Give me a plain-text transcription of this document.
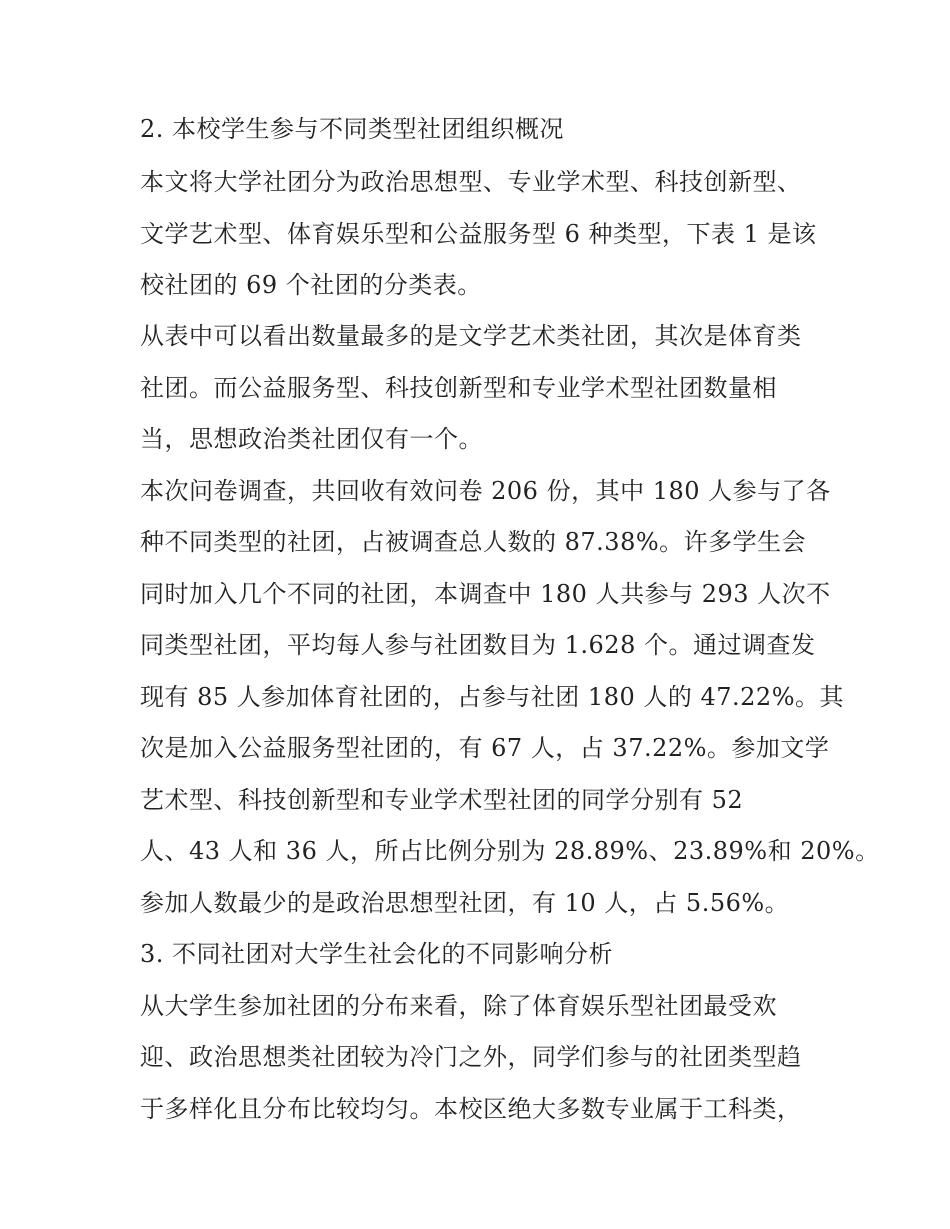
2. 本校学生参与不同类型社团组织概况

本文将大学社团分为政治思想型、专业学术型、科技创新型、

文学艺术型、体育娱乐型和公益服务型 6 种类型，下表 1 是该

校社团的 69 个社团的分类表。

从表中可以看出数量最多的是文学艺术类社团，其次是体育类

社团。而公益服务型、科技创新型和专业学术型社团数量相

当，思想政治类社团仅有一个。

本次问卷调查，共回收有效问卷 206 份，其中 180 人参与了各

种不同类型的社团，占被调查总人数的 87.38%。许多学生会

同时加入几个不同的社团，本调查中 180 人共参与 293 人次不

同类型社团，平均每人参与社团数目为 1.628 个。通过调查发

现有 85 人参加体育社团的，占参与社团 180 人的 47.22%。其

次是加入公益服务型社团的，有 67 人，占 37.22%。参加文学

艺术型、科技创新型和专业学术型社团的同学分别有 52

人、43 人和 36 人，所占比例分别为 28.89%、23.89%和 20%。

参加人数最少的是政治思想型社团，有 10 人，占 5.56%。

3. 不同社团对大学生社会化的不同影响分析

从大学生参加社团的分布来看，除了体育娱乐型社团最受欢

迎、政治思想类社团较为冷门之外，同学们参与的社团类型趋

于多样化且分布比较均匀。本校区绝大多数专业属于工科类，
